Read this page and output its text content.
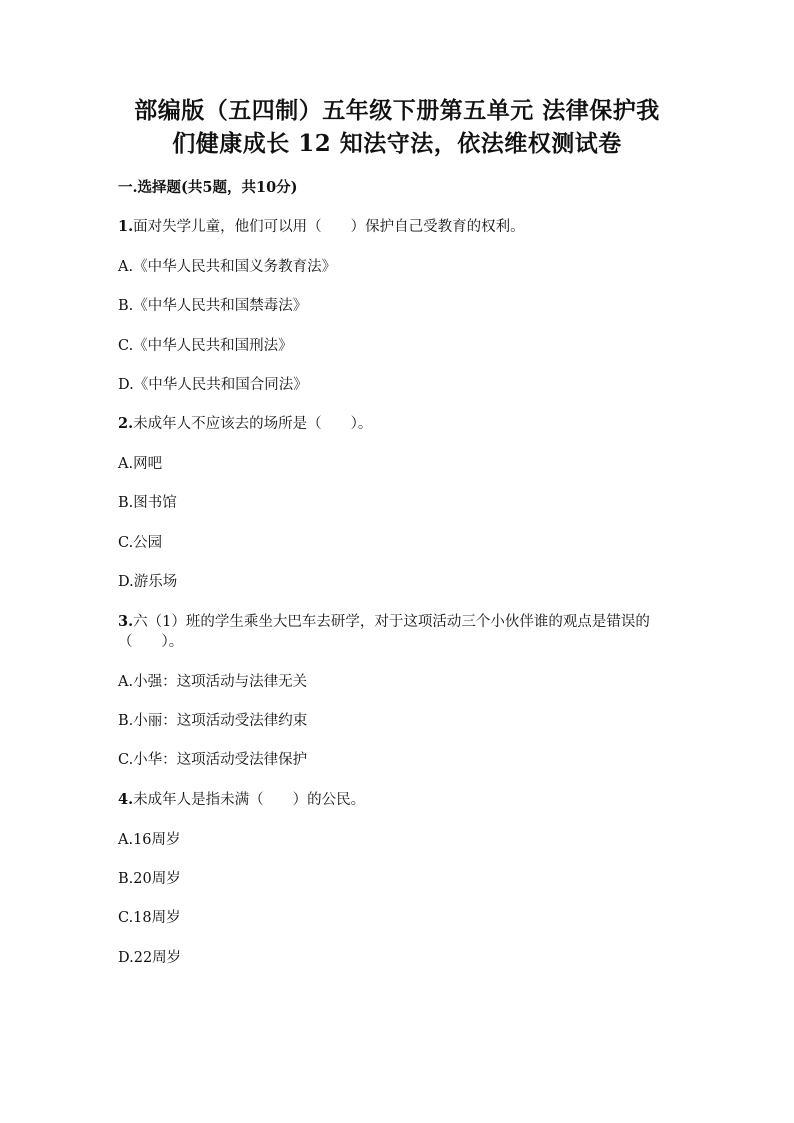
部编版（五四制）五年级下册第五单元 法律保护我
们健康成长 12 知法守法，依法维权测试卷

一.选择题(共5题，共10分)

1.面对失学儿童，他们可以用（　　）保护自己受教育的权利。

A.《中华人民共和国义务教育法》

B.《中华人民共和国禁毒法》

C.《中华人民共和国刑法》

D.《中华人民共和国合同法》

2.未成年人不应该去的场所是（　　）。

A.网吧

B.图书馆

C.公园

D.游乐场

3.六（1）班的学生乘坐大巴车去研学，对于这项活动三个小伙伴谁的观点是错误的（　　）。

A.小强：这项活动与法律无关

B.小丽：这项活动受法律约束

C.小华：这项活动受法律保护

4.未成年人是指未满（　　）的公民。

A.16周岁

B.20周岁

C.18周岁

D.22周岁
